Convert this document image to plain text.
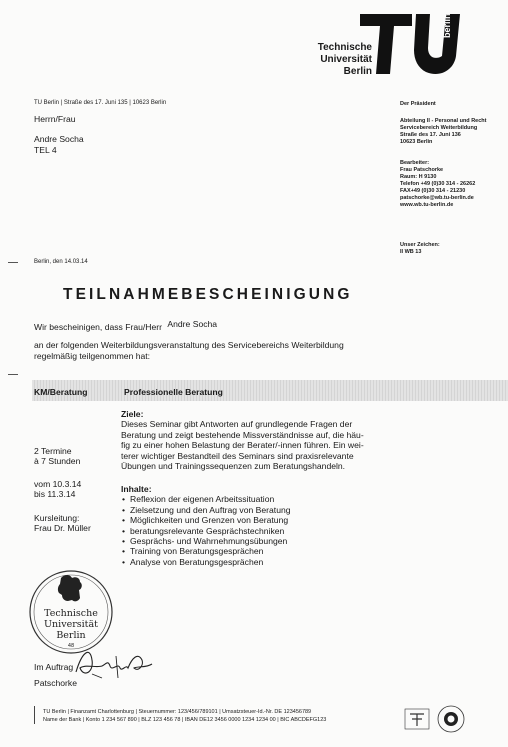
Technische
Universität
Berlin
berlin
TU Berlin | Straße des 17. Juni 135 | 10623 Berlin
Herrn/Frau
Andre Socha
TEL 4
Der Präsident
Abteilung II - Personal und Recht
Servicebereich Weiterbildung
Straße des 17. Juni 136
10623 Berlin
Bearbeiter:
Frau Patschorke
Raum: H 9130
Telefon +49 (0)30 314 - 26262
FAX+49 (0)30 314 - 21230
patschorke@wb.tu-berlin.de
www.wb.tu-berlin.de
Unser Zeichen:
II WB 13
Berlin, den 14.03.14
TEILNAHMEBESCHEINIGUNG
Wir bescheinigen, dass Frau/Herr Andre Socha
an der folgenden Weiterbildungsveranstaltung des Servicebereichs Weiterbildung
regelmäßig teilgenommen hat:
KM/Beratung	Professionelle Beratung
2 Termine
à 7 Stunden
vom 10.3.14
bis 11.3.14
Kursleitung:
Frau Dr. Müller
Ziele:
Dieses Seminar gibt Antworten auf grundlegende Fragen der
Beratung und zeigt bestehende Missverständnisse auf, die häu-
fig zu einer hohen Belastung der Berater/-innen führen. Ein wei-
terer wichtiger Bestandteil des Seminars sind praxisrelevante
Übungen und Trainingssequenzen zum Beratungshandeln.
Inhalte:
• Reflexion der eigenen Arbeitssituation
• Zielsetzung und den Auftrag von Beratung
• Möglichkeiten und Grenzen von Beratung
• beratungsrelevante Gesprächstechniken
• Gesprächs- und Wahrnehmungsübungen
• Training von Beratungsgesprächen
• Analyse von Beratungsgesprächen
Technische
Universität
Berlin
48
Im Auftrag
Patschorke
TU Berlin | Finanzamt Charlottenburg | Steuernummer: 123/456/789101 | Umsatzsteuer-Id.-Nr. DE 123456789
Name der Bank | Konto 1 234 567 890 | BLZ 123 456 78 | IBAN DE12 3456 0000 1234 1234 00 | BIC ABCDEFG123
